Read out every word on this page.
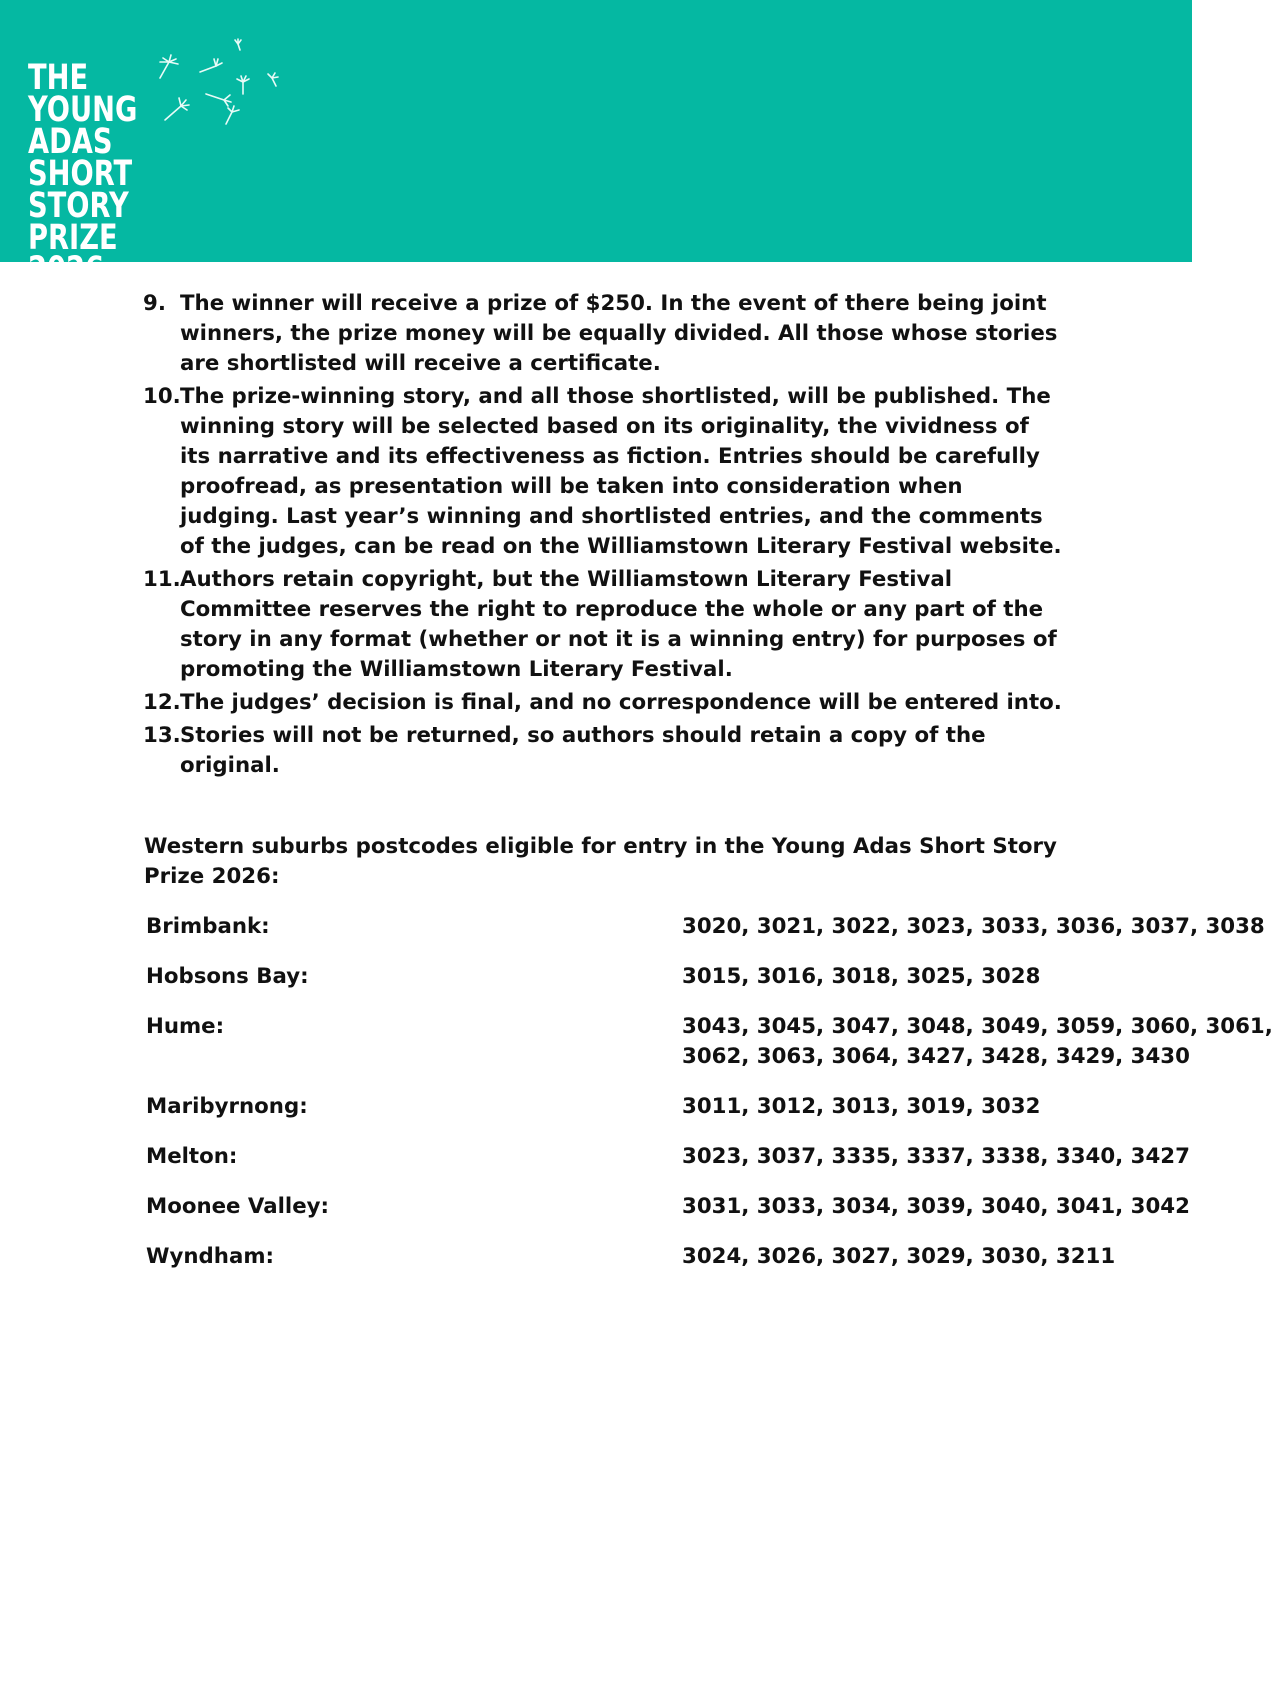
THE
YOUNG
ADAS
SHORT
STORY
PRIZE
2026
9. The winner will receive a prize of $250. In the event of there being joint winners, the prize money will be equally divided. All those whose stories are shortlisted will receive a certificate.
10. The prize-winning story, and all those shortlisted, will be published. The winning story will be selected based on its originality, the vividness of its narrative and its effectiveness as fiction. Entries should be carefully proofread, as presentation will be taken into consideration when judging. Last year’s winning and shortlisted entries, and the comments of the judges, can be read on the Williamstown Literary Festival website.
11. Authors retain copyright, but the Williamstown Literary Festival Committee reserves the right to reproduce the whole or any part of the story in any format (whether or not it is a winning entry) for purposes of promoting the Williamstown Literary Festival.
12. The judges’ decision is final, and no correspondence will be entered into.
13. Stories will not be returned, so authors should retain a copy of the original.

Western suburbs postcodes eligible for entry in the Young Adas Short Story Prize 2026:

Brimbank:	3020, 3021, 3022, 3023, 3033, 3036, 3037, 3038
Hobsons Bay:	3015, 3016, 3018, 3025, 3028
Hume:	3043, 3045, 3047, 3048, 3049, 3059, 3060, 3061,
3062, 3063, 3064, 3427, 3428, 3429, 3430
Maribyrnong:	3011, 3012, 3013, 3019, 3032
Melton:	3023, 3037, 3335, 3337, 3338, 3340, 3427
Moonee Valley:	3031, 3033, 3034, 3039, 3040, 3041, 3042
Wyndham:	3024, 3026, 3027, 3029, 3030, 3211
